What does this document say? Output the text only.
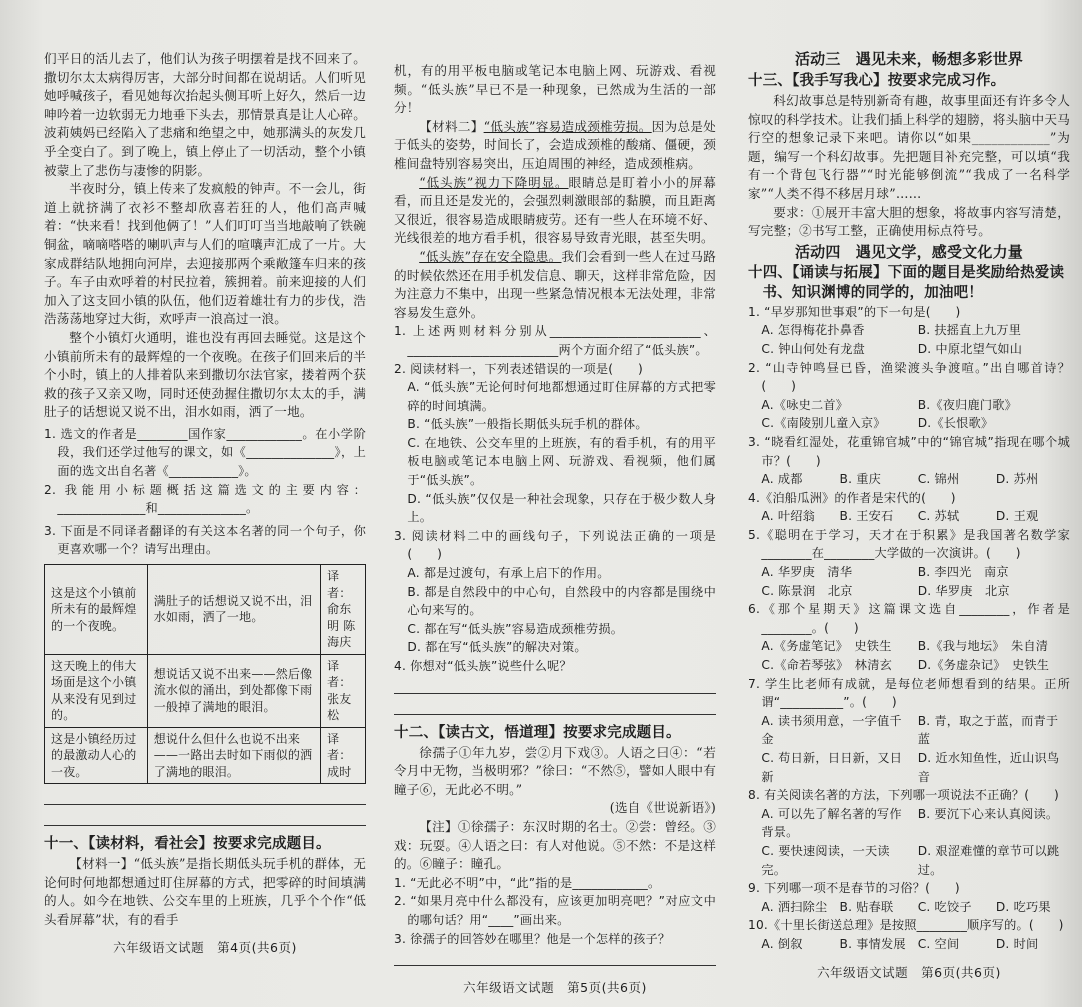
们平日的活儿去了，他们认为孩子明摆着是找不回来了。撒切尔太太病得厉害，大部分时间都在说胡话。人们听见她呼喊孩子，看见她每次抬起头侧耳听上好久，然后一边呻吟着一边软弱无力地垂下头去，那情景真是让人心碎。波莉姨妈已经陷入了悲痛和绝望之中，她那满头的灰发几乎全变白了。到了晚上，镇上停止了一切活动，整个小镇被蒙上了悲伤与凄惨的阴影。

半夜时分，镇上传来了发疯般的钟声。不一会儿，街道上就挤满了衣衫不整却欣喜若狂的人，他们高声喊着：“快来看！找到他俩了！”人们叮叮当当地敲响了铁碗铜盆，嘀嘀嗒嗒的喇叭声与人们的喧嚷声汇成了一片。大家成群结队地拥向河岸，去迎接那两个乘敞篷车归来的孩子。车子由欢呼着的村民拉着，簇拥着。前来迎接的人们加入了这支回小镇的队伍，他们迈着雄壮有力的步伐，浩浩荡荡地穿过大街，欢呼声一浪高过一浪。

整个小镇灯火通明，谁也没有再回去睡觉。这是这个小镇前所未有的最辉煌的一个夜晚。在孩子们回来后的半个小时，镇上的人排着队来到撒切尔法官家，搂着两个获救的孩子又亲又吻，同时还使劲握住撒切尔太太的手，满肚子的话想说又说不出，泪水如雨，洒了一地。

1. 选文的作者是________国作家____________。在小学阶段，我们还学过他写的课文，如《______________》，上面的选文出自名著《___________》。

2. 我能用小标题概括这篇选文的主要内容：______________和______________。

3. 下面是不同译者翻译的有关这本名著的同一个句子，你更喜欢哪一个？请写出理由。

这是这个小镇前所未有的最辉煌的一个夜晚。	满肚子的话想说又说不出，泪水如雨，洒了一地。	译者：俞东明 陈海庆
这天晚上的伟大场面是这个小镇从来没有见到过的。	想说话又说不出来——然后像流水似的涌出，到处都像下雨一般掉了满地的眼泪。	译者：张友松
这是小镇经历过的最激动人心的一夜。	想说什么但什么也说不出来——一路出去时如下雨似的洒了满地的眼泪。	译者：成时
十一、【读材料，看社会】按要求完成题目。

【材料一】“低头族”是指长期低头玩手机的群体，无论何时何地都想通过盯住屏幕的方式，把零碎的时间填满的人。如今在地铁、公交车里的上班族，几乎个个作“低头看屏幕”状，有的看手

六年级语文试题　第4页(共6页)

机，有的用平板电脑或笔记本电脑上网、玩游戏、看视频。“低头族”早已不是一种现象，已然成为生活的一部分！

【材料二】“低头族”容易造成颈椎劳损。因为总是处于低头的姿势，时间长了，会造成颈椎的酸痛、僵硬，颈椎间盘特别容易突出，压迫周围的神经，造成颈椎病。

“低头族”视力下降明显。眼睛总是盯着小小的屏幕看，而且还是发光的，会强烈刺激眼部的黏膜，而且距离又很近，很容易造成眼睛疲劳。还有一些人在环境不好、光线很差的地方看手机，很容易导致青光眼，甚至失明。

“低头族”存在安全隐患。我们会看到一些人在过马路的时候依然还在用手机发信息、聊天，这样非常危险，因为注意力不集中，出现一些紧急情况根本无法处理，非常容易发生意外。

1. 上述两则材料分别从________________________、________________________两个方面介绍了“低头族”。

2. 阅读材料一，下列表述错误的一项是(　　)

A. “低头族”无论何时何地都想通过盯住屏幕的方式把零碎的时间填满。

B. “低头族”一般指长期低头玩手机的群体。

C. 在地铁、公交车里的上班族，有的看手机，有的用平板电脑或笔记本电脑上网、玩游戏、看视频，他们属于“低头族”。

D. “低头族”仅仅是一种社会现象，只存在于极少数人身上。

3. 阅读材料二中的画线句子，下列说法正确的一项是(　　)

A. 都是过渡句，有承上启下的作用。

B. 都是自然段中的中心句，自然段中的内容都是围绕中心句来写的。

C. 都在写“低头族”容易造成颈椎劳损。

D. 都在写“低头族”的解决对策。

4. 你想对“低头族”说些什么呢？

十二、【读古文，悟道理】按要求完成题目。

徐孺子①年九岁，尝②月下戏③。人语之曰④：“若令月中无物，当极明邪？”徐曰：“不然⑤，譬如人眼中有瞳子⑥，无此必不明。”

(选自《世说新语》)

【注】①徐孺子：东汉时期的名士。②尝：曾经。③戏：玩耍。④人语之曰：有人对他说。⑤不然：不是这样的。⑥瞳子：瞳孔。

1. “无此必不明”中，“此”指的是____________。

2. “如果月亮中什么都没有，应该更加明亮吧？”对应文中的哪句话？用“____”画出来。

3. 徐孺子的回答妙在哪里？他是一个怎样的孩子？

六年级语文试题　第5页(共6页)
活动三　遇见未来，畅想多彩世界
十三、【我手写我心】按要求完成习作。

科幻故事总是特别新奇有趣，故事里面还有许多令人惊叹的科学技术。让我们插上科学的翅膀，将头脑中天马行空的想象记录下来吧。请你以“如果____________”为题，编写一个科幻故事。先把题目补充完整，可以填“我有一个背包飞行器”“时光能够倒流”“我成了一名科学家”“人类不得不移居月球”……

要求：①展开丰富大胆的想象，将故事内容写清楚，写完整；②书写工整，正确使用标点符号。

活动四　遇见文学，感受文化力量
十四、【诵读与拓展】下面的题目是奖励给热爱读书、知识渊博的同学的，加油吧！

1. “早岁那知世事艰”的下一句是(　　)

A. 怎得梅花扑鼻香	B. 扶摇直上九万里
C. 钟山何处有龙盘	D. 中原北望气如山

2. “山寺钟鸣昼已昏，渔梁渡头争渡喧。”出自哪首诗？(　　)

A.《咏史二首》	B.《夜归鹿门歌》
C.《南陵别儿童入京》	D.《长恨歌》

3. “晓看红湿处，花重锦官城”中的“锦官城”指现在哪个城市？(　　)

A. 成都	B. 重庆	C. 锦州	D. 苏州

4.《泊船瓜洲》的作者是宋代的(　　)

A. 叶绍翁	B. 王安石	C. 苏轼	D. 王观

5.《聪明在于学习，天才在于积累》是我国著名数学家________在________大学做的一次演讲。(　　)

A. 华罗庚　清华	B. 李四光　南京
C. 陈景润　北京	D. 华罗庚　北京

6.《那个星期天》这篇课文选自________，作者是________。(　　)

A.《务虚笔记》　史铁生	B.《我与地坛》　朱自清
C.《命若琴弦》　林清玄	D.《务虚杂记》　史铁生

7. 学生比老师有成就，是每位老师想看到的结果。正所谓“__________”。(　　)

A. 读书须用意，一字值千金
B. 青，取之于蓝，而青于蓝
C. 苟日新，日日新，又日新
D. 近水知鱼性，近山识鸟音

8. 有关阅读名著的方法，下列哪一项说法不正确？(　　)

A. 可以先了解名著的写作背景。
B. 要沉下心来认真阅读。
C. 要快速阅读，一天读完。
D. 艰涩难懂的章节可以跳过。

9. 下列哪一项不是春节的习俗？(　　)

A. 洒扫除尘 B. 贴春联	C. 吃饺子	D. 吃巧果

10.《十里长街送总理》是按照________顺序写的。(　　)

A. 倒叙	B. 事情发展 C. 空间	D. 时间
六年级语文试题　第6页(共6页)
